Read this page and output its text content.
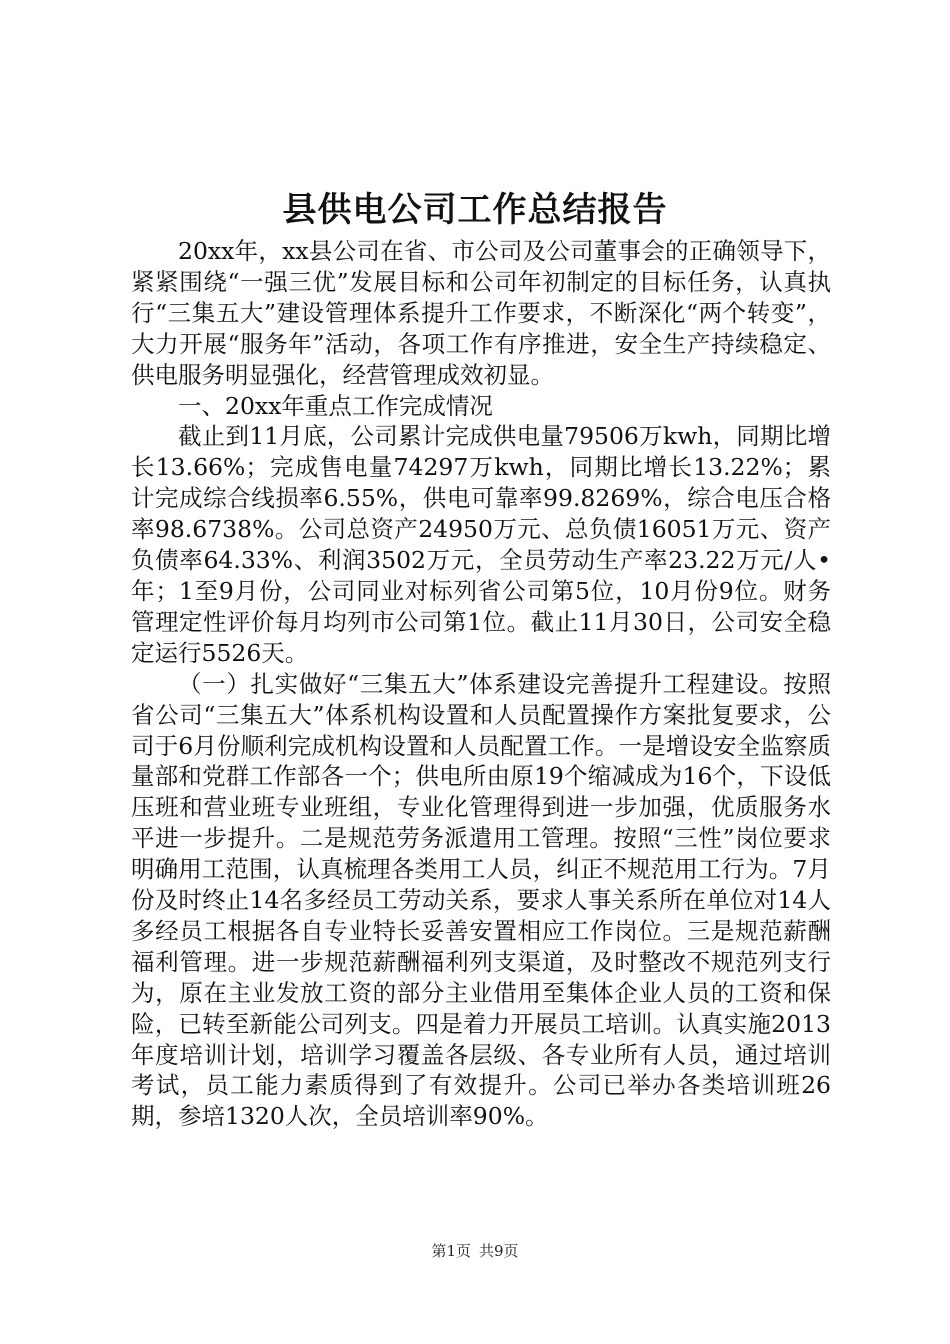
县供电公司工作总结报告

20xx年，xx县公司在省、市公司及公司董事会的正确领导下，紧紧围绕“一强三优”发展目标和公司年初制定的目标任务，认真执行“三集五大”建设管理体系提升工作要求，不断深化“两个转变”，大力开展“服务年”活动，各项工作有序推进，安全生产持续稳定、供电服务明显强化，经营管理成效初显。

一、20xx年重点工作完成情况

截止到11月底，公司累计完成供电量79506万kwh，同期比增长13.66%；完成售电量74297万kwh，同期比增长13.22%；累计完成综合线损率6.55%，供电可靠率99.8269%，综合电压合格率98.6738%。公司总资产24950万元、总负债16051万元、资产负债率64.33%、利润3502万元，全员劳动生产率23.22万元/人•年；1至9月份，公司同业对标列省公司第5位，10月份9位。财务管理定性评价每月均列市公司第1位。截止11月30日，公司安全稳定运行5526天。

（一）扎实做好“三集五大”体系建设完善提升工程建设。按照省公司“三集五大”体系机构设置和人员配置操作方案批复要求，公司于6月份顺利完成机构设置和人员配置工作。一是增设安全监察质量部和党群工作部各一个；供电所由原19个缩减成为16个，下设低压班和营业班专业班组，专业化管理得到进一步加强，优质服务水平进一步提升。二是规范劳务派遣用工管理。按照“三性”岗位要求明确用工范围，认真梳理各类用工人员，纠正不规范用工行为。7月份及时终止14名多经员工劳动关系，要求人事关系所在单位对14人多经员工根据各自专业特长妥善安置相应工作岗位。三是规范薪酬福利管理。进一步规范薪酬福利列支渠道，及时整改不规范列支行为，原在主业发放工资的部分主业借用至集体企业人员的工资和保险，已转至新能公司列支。四是着力开展员工培训。认真实施2013年度培训计划，培训学习覆盖各层级、各专业所有人员，通过培训考试，员工能力素质得到了有效提升。公司已举办各类培训班26期，参培1320人次，全员培训率90%。

第1页 共9页
